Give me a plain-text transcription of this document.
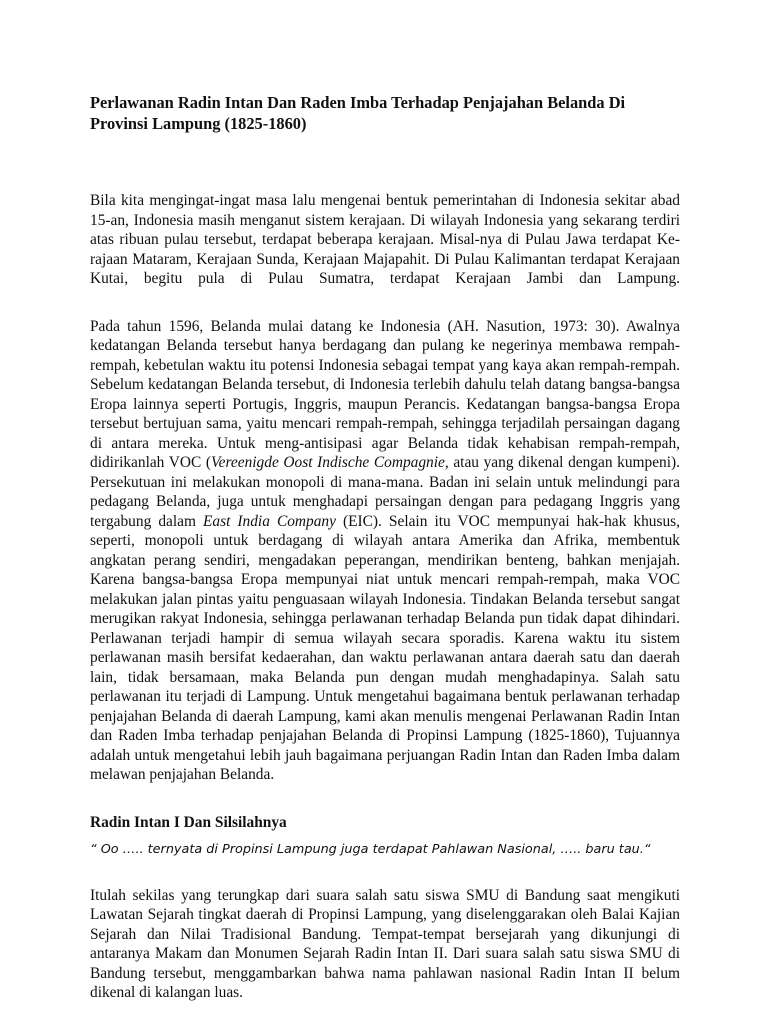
Perlawanan Radin Intan Dan Raden Imba Terhadap Penjajahan Belanda Di Provinsi Lampung (1825-1860)

Bila kita mengingat-ingat masa lalu mengenai bentuk pemerintahan di Indonesia sekitar abad 15-an, Indonesia masih menganut sistem kerajaan. Di wilayah Indonesia yang sekarang terdiri atas ribuan pulau tersebut, terdapat beberapa kerajaan. Misal-nya di Pulau Jawa terdapat Ke-rajaan Mataram, Kerajaan Sunda, Kerajaan Majapahit. Di Pulau Kalimantan terdapat Kerajaan Kutai, begitu pula di Pulau Sumatra, terdapat Kerajaan Jambi dan Lampung.

Pada tahun 1596, Belanda mulai datang ke Indonesia (AH. Nasution, 1973: 30). Awalnya kedatangan Belanda tersebut hanya berdagang dan pulang ke negerinya membawa rempah-rempah, kebetulan waktu itu potensi Indonesia sebagai tempat yang kaya akan rempah-rempah. Sebelum kedatangan Belanda tersebut, di Indonesia terlebih dahulu telah datang bangsa-bangsa Eropa lainnya seperti Portugis, Inggris, maupun Perancis. Kedatangan bangsa-bangsa Eropa tersebut bertujuan sama, yaitu mencari rempah-rempah, sehingga terjadilah persaingan dagang di antara mereka. Untuk meng-antisipasi agar Belanda tidak kehabisan rempah-rempah, didirikanlah VOC (Vereenigde Oost Indische Compagnie, atau yang dikenal dengan kumpeni). Persekutuan ini melakukan monopoli di mana-mana. Badan ini selain untuk melindungi para pedagang Belanda, juga untuk menghadapi persaingan dengan para pedagang Inggris yang tergabung dalam East India Company (EIC). Selain itu VOC mempunyai hak-hak khusus, seperti, monopoli untuk berdagang di wilayah antara Amerika dan Afrika, membentuk angkatan perang sendiri, mengadakan peperangan, mendirikan benteng, bahkan menjajah. Karena bangsa-bangsa Eropa mempunyai niat untuk mencari rempah-rempah, maka VOC melakukan jalan pintas yaitu penguasaan wilayah Indonesia. Tindakan Belanda tersebut sangat merugikan rakyat Indonesia, sehingga perlawanan terhadap Belanda pun tidak dapat dihindari. Perlawanan terjadi hampir di semua wilayah secara sporadis. Karena waktu itu sistem perlawanan masih bersifat kedaerahan, dan waktu perlawanan antara daerah satu dan daerah lain, tidak bersamaan, maka Belanda pun dengan mudah menghadapinya. Salah satu perlawanan itu terjadi di Lampung. Untuk mengetahui bagaimana bentuk perlawanan terhadap penjajahan Belanda di daerah Lampung, kami akan menulis mengenai Perlawanan Radin Intan dan Raden Imba terhadap penjajahan Belanda di Propinsi Lampung (1825-1860), Tujuannya adalah untuk mengetahui lebih jauh bagaimana perjuangan Radin Intan dan Raden Imba dalam melawan penjajahan Belanda.

Radin Intan I Dan Silsilahnya

“ Oo ….. ternyata di Propinsi Lampung juga terdapat Pahlawan Nasional, ….. baru tau.“

Itulah sekilas yang terungkap dari suara salah satu siswa SMU di Bandung saat mengikuti Lawatan Sejarah tingkat daerah di Propinsi Lampung, yang diselenggarakan oleh Balai Kajian Sejarah dan Nilai Tradisional Bandung. Tempat-tempat bersejarah yang dikunjungi di antaranya Makam dan Monumen Sejarah Radin Intan II. Dari suara salah satu siswa SMU di Bandung tersebut, menggambarkan bahwa nama pahlawan nasional Radin Intan II belum dikenal di kalangan luas.
